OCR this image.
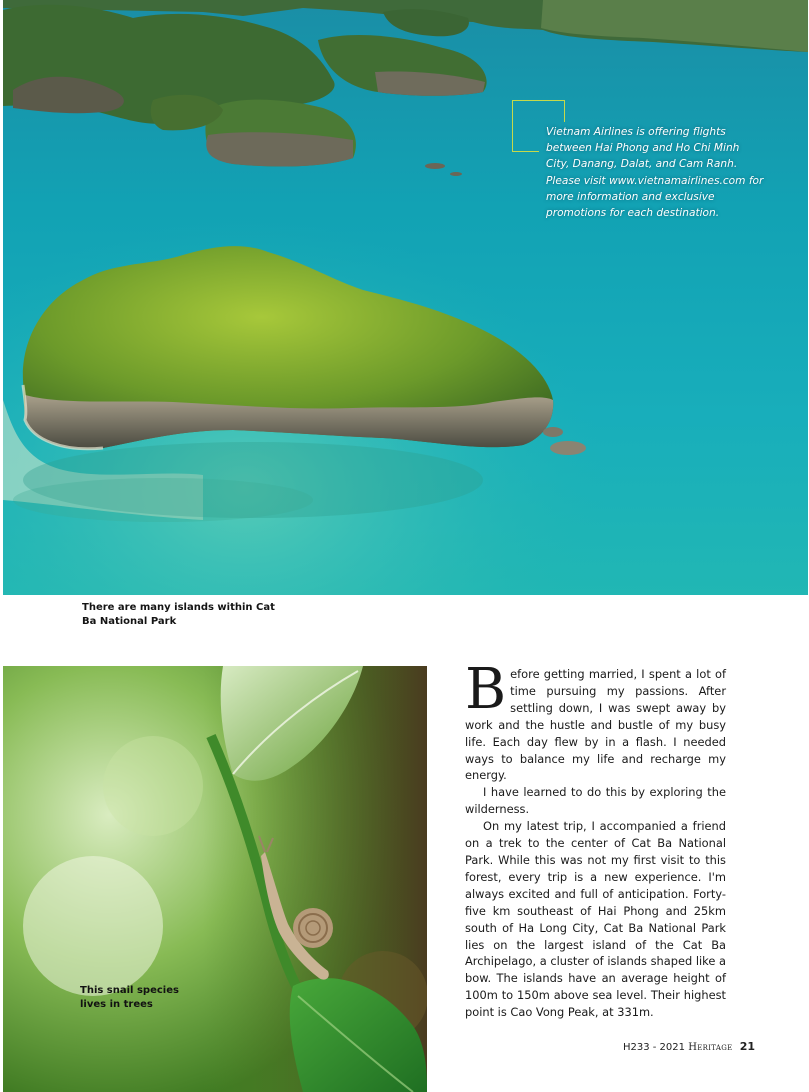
Vietnam Airlines is offering flights between Hai Phong and Ho Chi Minh City, Danang, Dalat, and Cam Ranh.

Please visit www.vietnamairlines.com for more information and exclusive promotions for each destination.

There are many islands within Cat Ba National Park
This snail species lives in trees

Before getting married, I spent a lot of time pursuing my passions. After settling down, I was swept away by work and the hustle and bustle of my busy life. Each day flew by in a flash. I needed ways to balance my life and recharge my energy.

I have learned to do this by exploring the wilderness.

On my latest trip, I accompanied a friend on a trek to the center of Cat Ba National Park. While this was not my first visit to this forest, every trip is a new experience. I'm always excited and full of anticipation. Forty-five km southeast of Hai Phong and 25km south of Ha Long City, Cat Ba National Park lies on the largest island of the Cat Ba Archipelago, a cluster of islands shaped like a bow. The islands have an average height of 100m to 150m above sea level. Their highest point is Cao Vong Peak, at 331m.

H233 - 2021 Heritage 21
